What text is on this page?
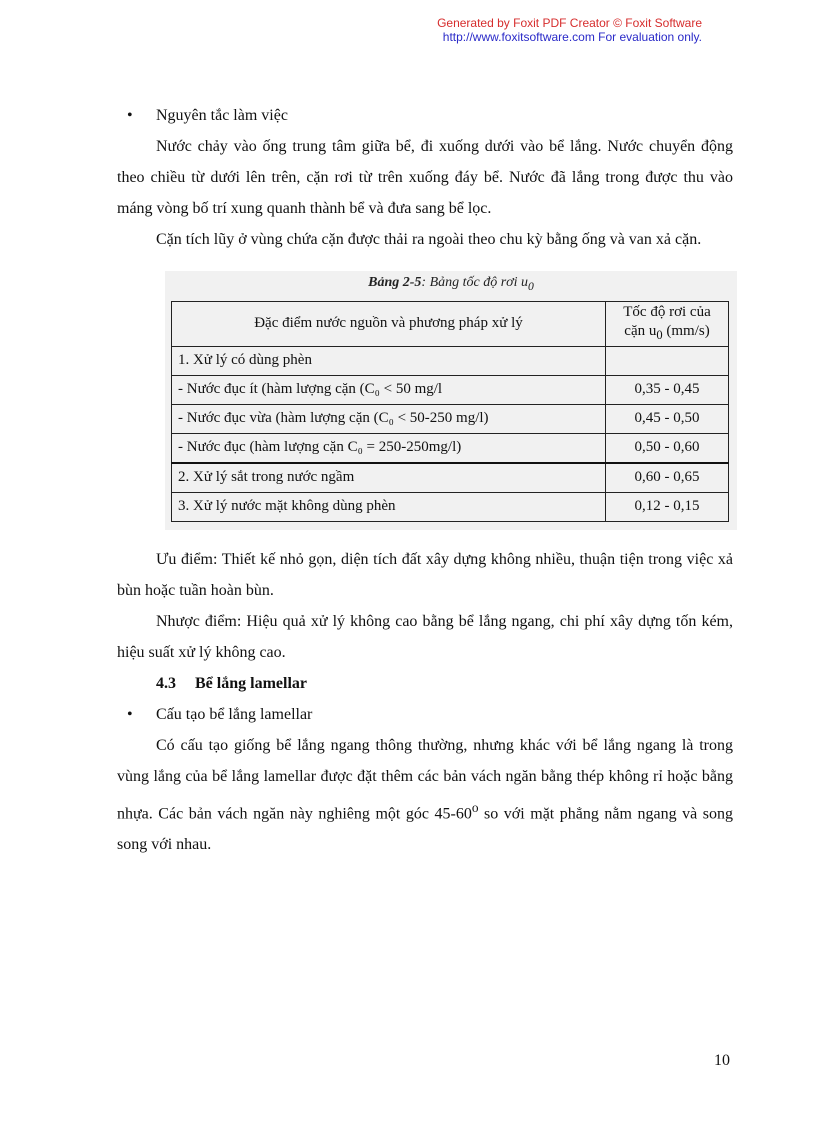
Generated by Foxit PDF Creator © Foxit Software
http://www.foxitsoftware.com For evaluation only.
• Nguyên tắc làm việc

Nước chảy vào ống trung tâm giữa bể, đi xuống dưới vào bể lắng. Nước chuyển động theo chiều từ dưới lên trên, cặn rơi từ trên xuống đáy bể. Nước đã lắng trong được thu vào máng vòng bố trí xung quanh thành bể và đưa sang bể lọc.

Cặn tích lũy ở vùng chứa cặn được thải ra ngoài theo chu kỳ bằng ống và van xả cặn.

Bảng 2-5: Bảng tốc độ rơi $u_0$
Đặc điểm nước nguồn và phương pháp xử lý	Tốc độ rơi của
cặn $u_0$ (mm/s)
1. Xử lý có dùng phèn	
- Nước đục ít (hàm lượng cặn (C₀ < 50 mg/l	0,35 - 0,45
- Nước đục vừa (hàm lượng cặn (C₀ < 50-250 mg/l)	0,45 - 0,50
- Nước đục (hàm lượng cặn C₀ = 250-250mg/l)	0,50 - 0,60
2. Xử lý sắt trong nước ngầm	0,60 - 0,65
3. Xử lý nước mặt không dùng phèn	0,12 - 0,15

Ưu điểm: Thiết kế nhỏ gọn, diện tích đất xây dựng không nhiều, thuận tiện trong việc xả bùn hoặc tuần hoàn bùn.

Nhược điểm: Hiệu quả xử lý không cao bằng bể lắng ngang, chi phí xây dựng tốn kém, hiệu suất xử lý không cao.

4.3 Bể lắng lamellar
• Cấu tạo bể lắng lamellar

Có cấu tạo giống bể lắng ngang thông thường, nhưng khác với bể lắng ngang là trong vùng lắng của bể lắng lamellar được đặt thêm các bản vách ngăn bằng thép không rỉ hoặc bằng nhựa. Các bản vách ngăn này nghiêng một góc 45-60$^o$ so với mặt phẳng nằm ngang và song song với nhau.

10
